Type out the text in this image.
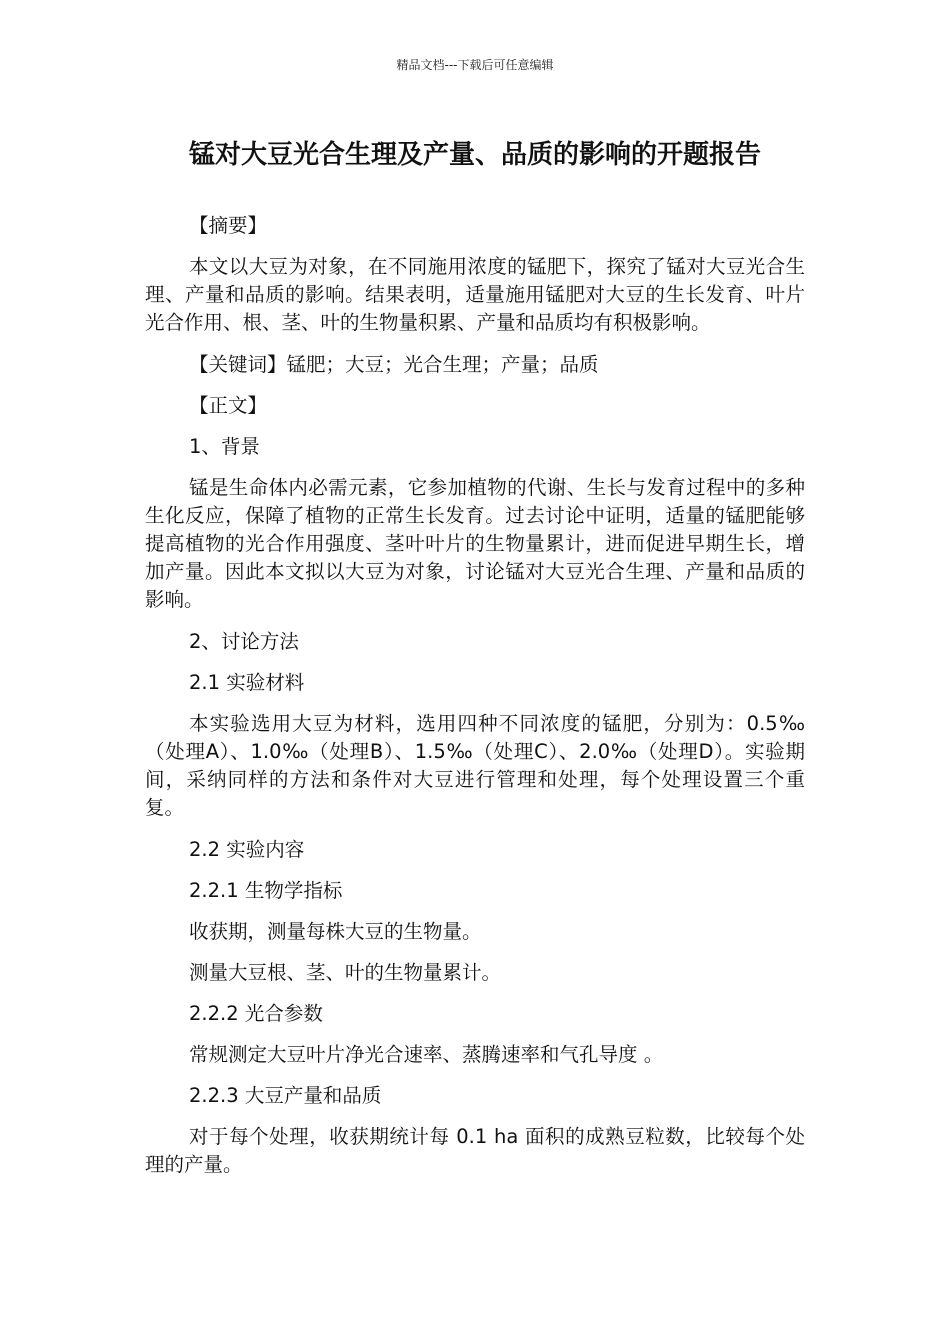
精品文档---下载后可任意编辑
锰对大豆光合生理及产量、品质的影响的开题报告

【摘要】

本文以大豆为对象，在不同施用浓度的锰肥下，探究了锰对大豆光合生理、产量和品质的影响。结果表明，适量施用锰肥对大豆的生长发育、叶片光合作用、根、茎、叶的生物量积累、产量和品质均有积极影响。

【关键词】锰肥；大豆；光合生理；产量；品质

【正文】

1、背景

锰是生命体内必需元素，它参加植物的代谢、生长与发育过程中的多种生化反应，保障了植物的正常生长发育。过去讨论中证明，适量的锰肥能够提高植物的光合作用强度、茎叶叶片的生物量累计，进而促进早期生长，增加产量。因此本文拟以大豆为对象，讨论锰对大豆光合生理、产量和品质的影响。

2、讨论方法

2.1 实验材料

本实验选用大豆为材料，选用四种不同浓度的锰肥，分别为：0.5‰（处理A）、1.0‰（处理B）、1.5‰（处理C）、2.0‰（处理D）。实验期间，采纳同样的方法和条件对大豆进行管理和处理，每个处理设置三个重复。

2.2 实验内容

2.2.1 生物学指标

收获期，测量每株大豆的生物量。

测量大豆根、茎、叶的生物量累计。

2.2.2 光合参数

常规测定大豆叶片净光合速率、蒸腾速率和气孔导度 。

2.2.3 大豆产量和品质

对于每个处理，收获期统计每 0.1 ha 面积的成熟豆粒数，比较每个处理的产量。
